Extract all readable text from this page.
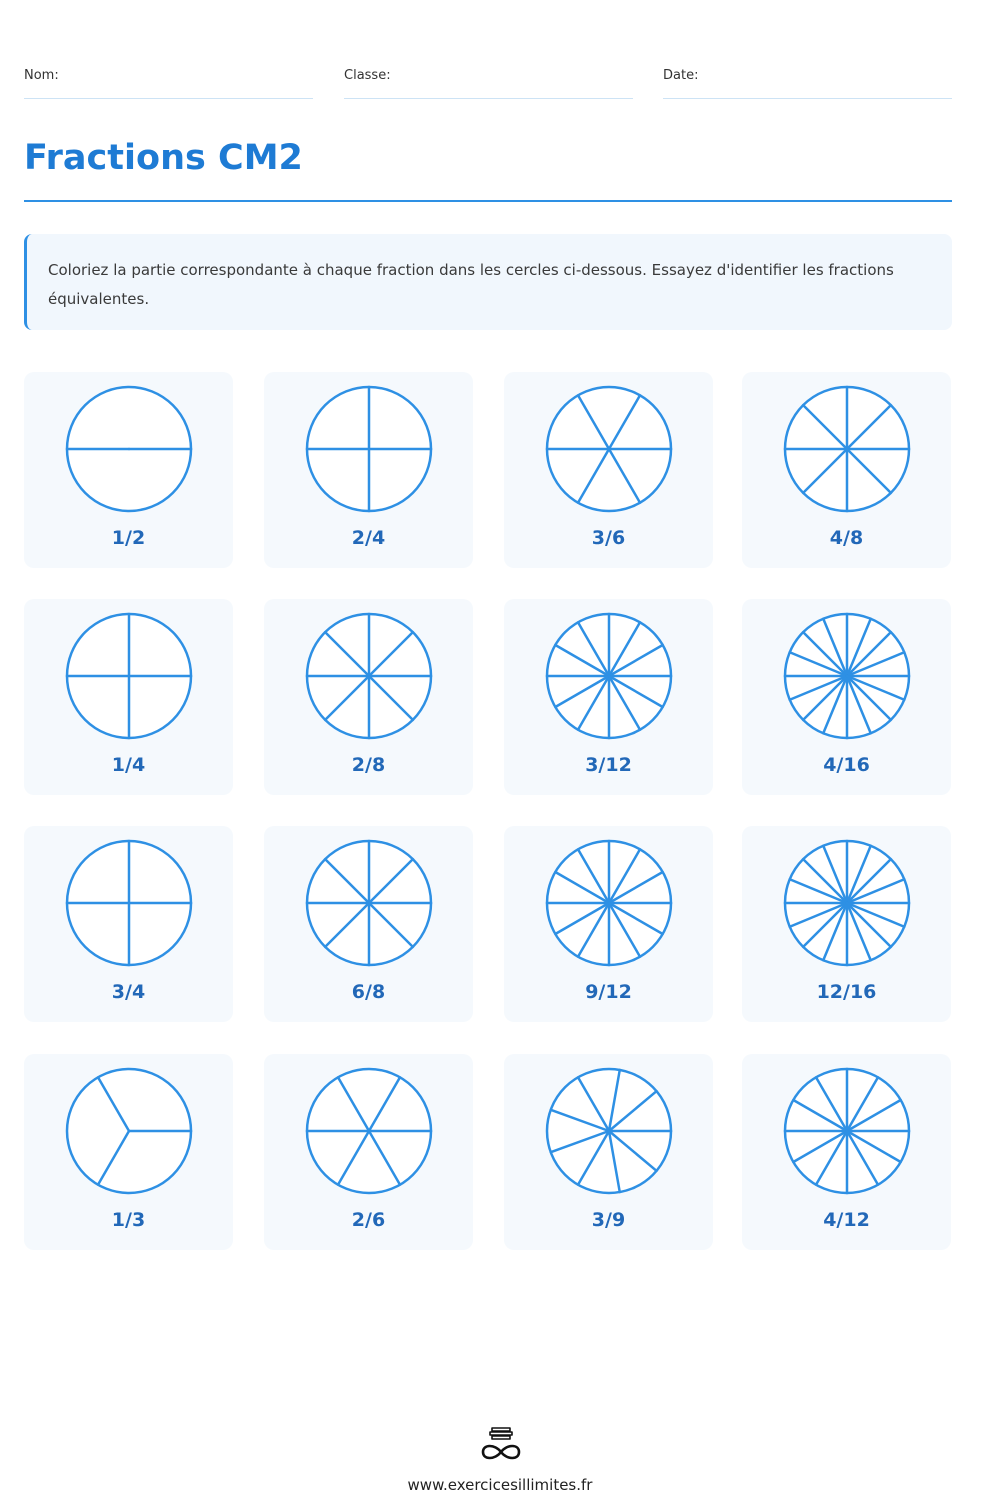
Nom:	Classe:	Date:
Fractions CM2
Coloriez la partie correspondante à chaque fraction dans les cercles ci-dessous. Essayez d'identifier les fractions équivalentes.
1/2	2/4	3/6	4/8
1/4	2/8	3/12	4/16
3/4	6/8	9/12	12/16
1/3	2/6	3/9	4/12
www.exercicesillimites.fr
